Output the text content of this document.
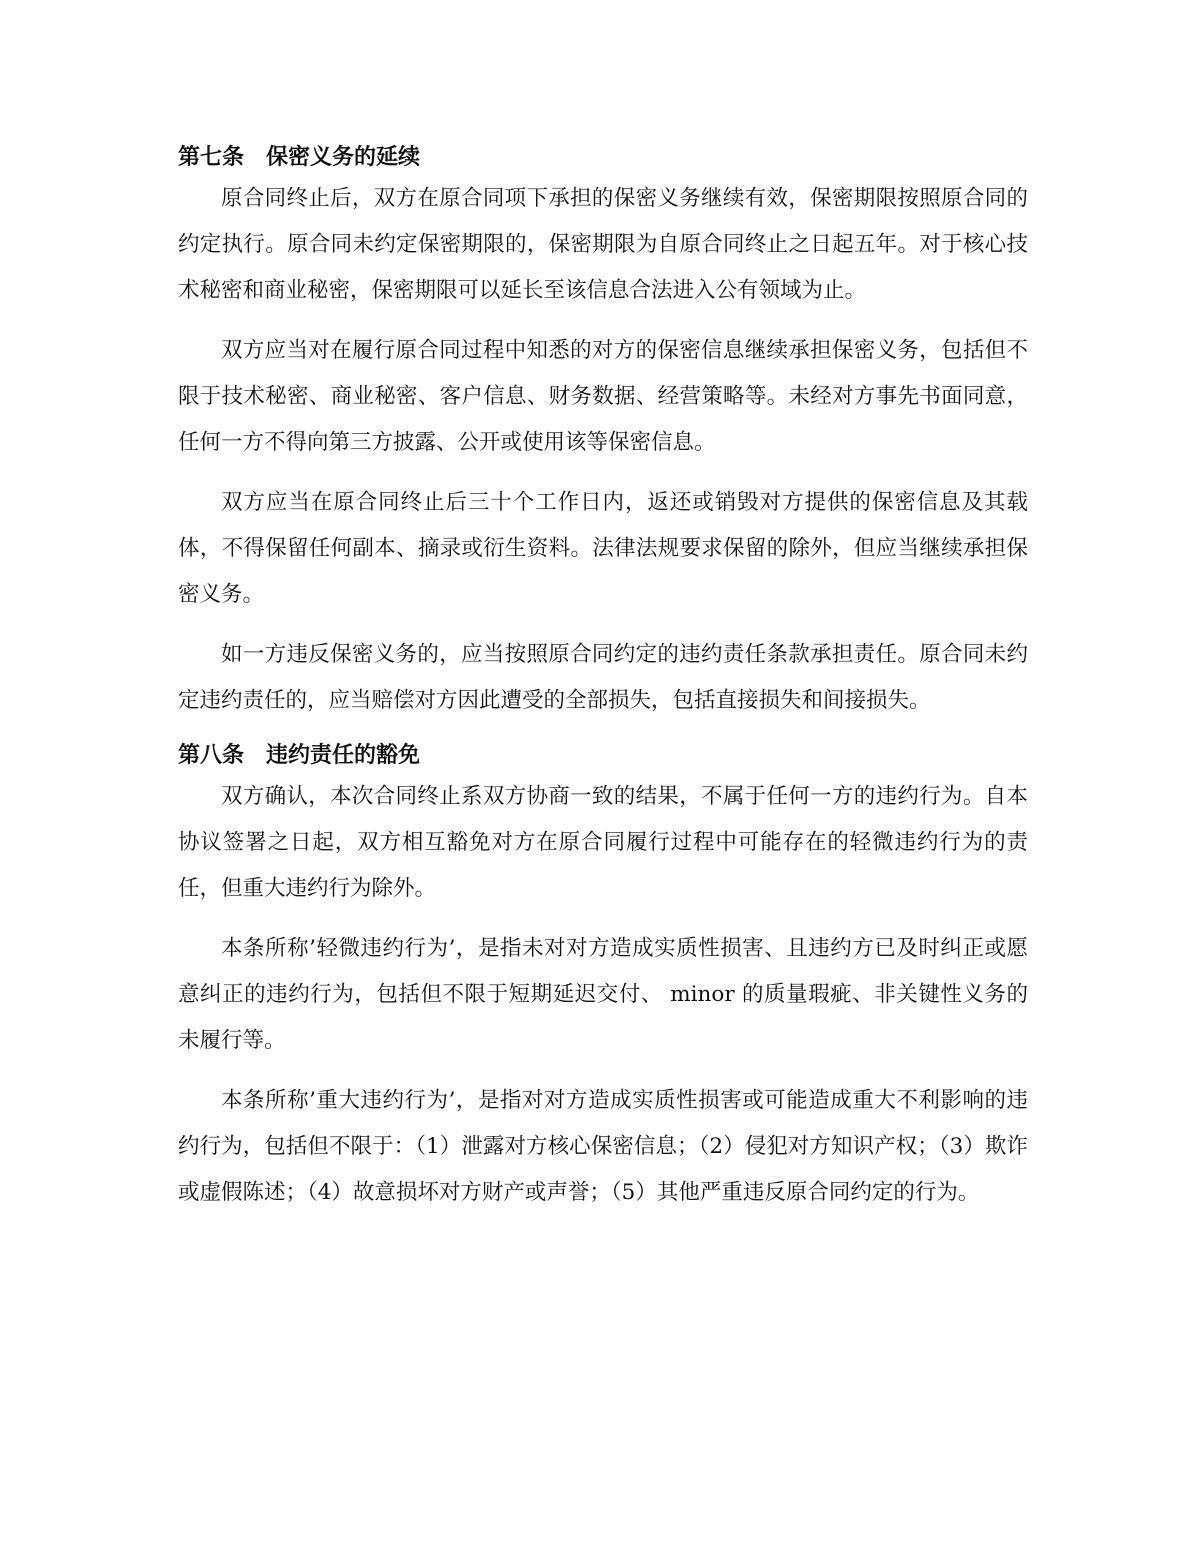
第七条 保密义务的延续

原合同终止后，双方在原合同项下承担的保密义务继续有效，保密期限按照原合同的约定执行。原合同未约定保密期限的，保密期限为自原合同终止之日起五年。对于核心技术秘密和商业秘密，保密期限可以延长至该信息合法进入公有领域为止。

双方应当对在履行原合同过程中知悉的对方的保密信息继续承担保密义务，包括但不限于技术秘密、商业秘密、客户信息、财务数据、经营策略等。未经对方事先书面同意，任何一方不得向第三方披露、公开或使用该等保密信息。

双方应当在原合同终止后三十个工作日内，返还或销毁对方提供的保密信息及其载体，不得保留任何副本、摘录或衍生资料。法律法规要求保留的除外，但应当继续承担保密义务。

如一方违反保密义务的，应当按照原合同约定的违约责任条款承担责任。原合同未约定违约责任的，应当赔偿对方因此遭受的全部损失，包括直接损失和间接损失。

第八条 违约责任的豁免

双方确认，本次合同终止系双方协商一致的结果，不属于任何一方的违约行为。自本协议签署之日起，双方相互豁免对方在原合同履行过程中可能存在的轻微违约行为的责任，但重大违约行为除外。

本条所称’轻微违约行为’，是指未对对方造成实质性损害、且违约方已及时纠正或愿意纠正的违约行为，包括但不限于短期延迟交付、 minor 的质量瑕疵、非关键性义务的未履行等。

本条所称’重大违约行为’，是指对对方造成实质性损害或可能造成重大不利影响的违约行为，包括但不限于：（1）泄露对方核心保密信息；（2）侵犯对方知识产权；（3）欺诈或虚假陈述；（4）故意损坏对方财产或声誉；（5）其他严重违反原合同约定的行为。
